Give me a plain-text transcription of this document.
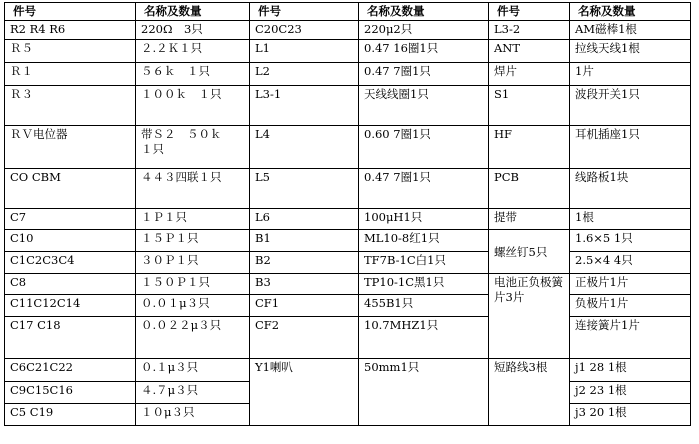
件号	名称及数量	件号	名称及数量	件号	名称及数量
R2 R4 R6	220Ω　3只	C20C23	220μ2只	L3-2	AM磁棒1根
Ｒ５	２.２Ｋ１只	L1	0.47 16圈1只	ANT	拉线天线1根
Ｒ１	５６ｋ　１只	L2	0.47 7圈1只	焊片	1片
Ｒ３	１００ｋ　１只	L3-1	天线线圈1只	S1	波段开关1只
ＲＶ电位器	带Ｓ２　５０ｋ　１只	L4	0.60 7圈1只	HF	耳机插座1只
CO CBM	４４３四联１只	L5	0.47 7圈1只	PCB	线路板1块
C7	１Ｐ１只	L6	100μH1只	提带	1根
C10	１５Ｐ１只	B1	ML10-8红1只	螺丝钉5只	1.6×5 1只
C1C2C3C4	３０Ｐ１只	B2	TF7B-1C白1只		2.5×4 4只
C8	１５０Ｐ１只	B3	TP10-1C黑1只	电池正负极簧片3片	正极片1片
C11C12C14	０.０１μ３只	CF1	455B1只		负极片1片
C17 C18	０.０２２μ３只	CF2	10.7MHZ1只		连接簧片1片
C6C21C22	０.１μ３只	Y1喇叭	50mm1只	短路线3根	j1 28 1根
C9C15C16	４.７μ３只				j2 23 1根
C5 C19	１０μ３只				j3 20 1根
